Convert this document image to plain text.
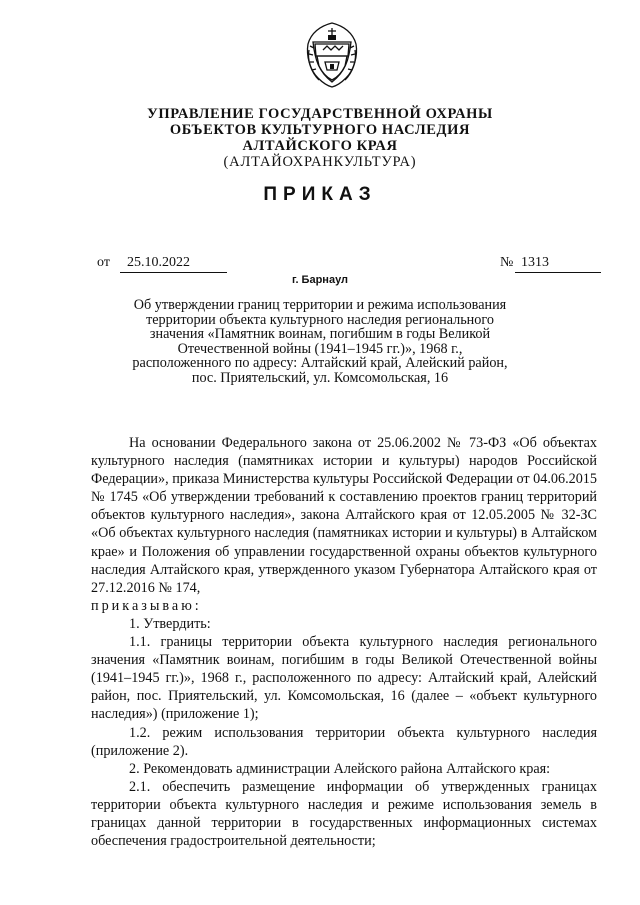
УПРАВЛЕНИЕ ГОСУДАРСТВЕННОЙ ОХРАНЫ
ОБЪЕКТОВ КУЛЬТУРНОГО НАСЛЕДИЯ
АЛТАЙСКОГО КРАЯ
(АЛТАЙОХРАНКУЛЬТУРА)
ПРИКАЗ
от	25.10.2022	№ 1313
г. Барнаул
Об утверждении границ территории и режима использования
территории объекта культурного наследия регионального
значения «Памятник воинам, погибшим в годы Великой
Отечественной войны (1941–1945 гг.)», 1968 г.,
расположенного по адресу: Алтайский край, Алейский район,
пос. Приятельский, ул. Комсомольская, 16

На основании Федерального закона от 25.06.2002 № 73-ФЗ «Об объектах культурного наследия (памятниках истории и культуры) народов Российской Федерации», приказа Министерства культуры Российской Федерации от 04.06.2015 № 1745 «Об утверждении требований к составлению проектов границ территорий объектов культурного наследия», закона Алтайского края от 12.05.2005 № 32-ЗС «Об объектах культурного наследия (памятниках истории и культуры) в Алтайском крае» и Положения об управлении государственной охраны объектов культурного наследия Алтайского края, утвержденного указом Губернатора Алтайского края от 27.12.2016 № 174,

приказываю:

1. Утвердить:

1.1. границы территории объекта культурного наследия регионального значения «Памятник воинам, погибшим в годы Великой Отечественной войны (1941–1945 гг.)», 1968 г., расположенного по адресу: Алтайский край, Алейский район, пос. Приятельский, ул. Комсомольская, 16 (далее – «объект культурного наследия») (приложение 1);

1.2. режим использования территории объекта культурного наследия (приложение 2).

2. Рекомендовать администрации Алейского района Алтайского края:

2.1. обеспечить размещение информации об утвержденных границах территории объекта культурного наследия и режиме использования земель в границах данной территории в государственных информационных системах обеспечения градостроительной деятельности;
